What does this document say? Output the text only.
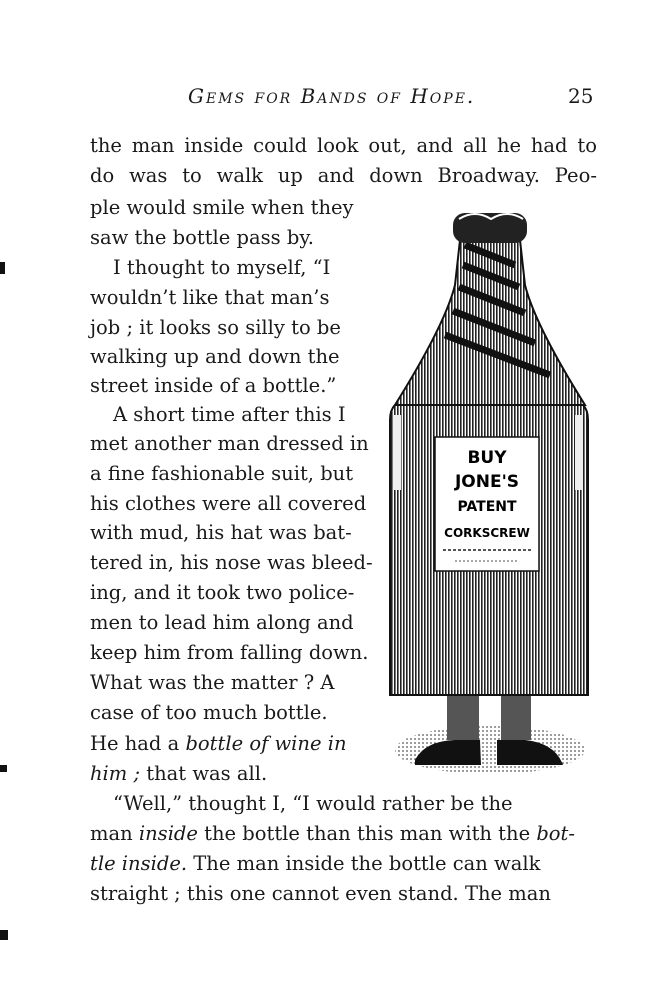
Gems for Bands of Hope.	25
the man inside could look out, and all he had to
do was to walk up and down Broadway. Peo-
ple would smile when they
saw the bottle pass by.
I thought to myself, “I
wouldn’t like that man’s
job ; it looks so silly to be
walking up and down the
street inside of a bottle.”
A short time after this I
met another man dressed in
a fine fashionable suit, but
his clothes were all covered
with mud, his hat was bat-
tered in, his nose was bleed-
ing, and it took two police-
men to lead him along and
keep him from falling down.
What was the matter ? A
case of too much bottle.
He had a bottle of wine in
him ; that was all.
“Well,” thought I, “I would rather be the
man inside the bottle than this man with the bot-
tle inside. The man inside the bottle can walk
straight ; this one cannot even stand. The man
BUY
JONE'S
PATENT
CORKSCREW
